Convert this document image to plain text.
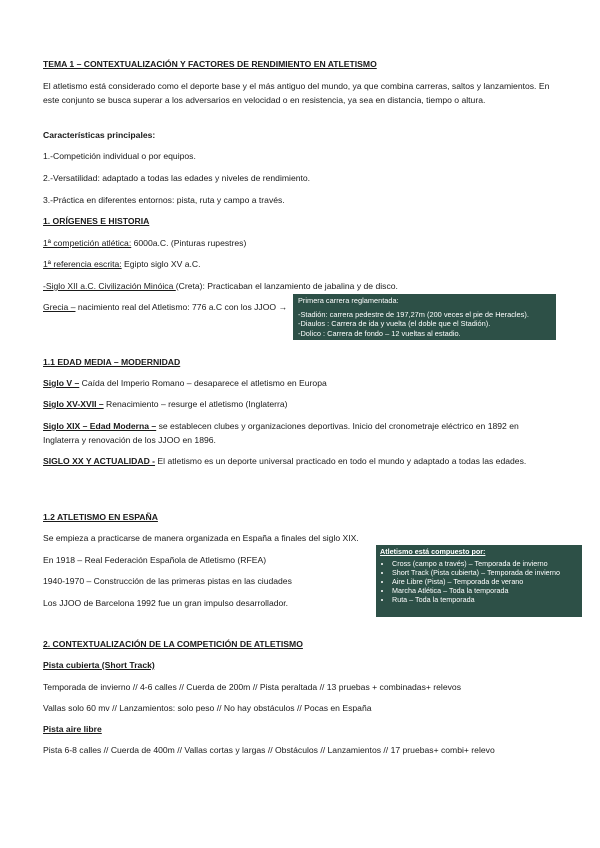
TEMA 1 – CONTEXTUALIZACIÓN Y FACTORES DE RENDIMIENTO EN ATLETISMO

El atletismo está considerado como el deporte base y el más antiguo del mundo, ya que combina carreras, saltos y lanzamientos. En este conjunto se busca superar a los adversarios en velocidad o en resistencia, ya sea en distancia, tiempo o altura.

Características principales:

1.-Competición individual o por equipos.

2.-Versatilidad: adaptado a todas las edades y niveles de rendimiento.

3.-Práctica en diferentes entornos: pista, ruta y campo a través.

1. ORÍGENES E HISTORIA

1ª competición atlética: 6000a.C. (Pinturas rupestres)

1ª referencia escrita: Egipto siglo XV a.C.

-Siglo XII a.C. Civilización Minóica (Creta): Practicaban el lanzamiento de jabalina y de disco.

Grecia – nacimiento real del Atletismo: 776 a.C con los JJOO →

Primera carrera reglamentada:
-Stadión: carrera pedestre de 197,27m (200 veces el pie de Heracles).
-Diaulos : Carrera de ida y vuelta (el doble que el Stadión).
-Dolico : Carrera de fondo – 12 vueltas al estadio.

1.1 EDAD MEDIA – MODERNIDAD

Siglo V – Caída del Imperio Romano – desaparece el atletismo en Europa

Siglo XV-XVII – Renacimiento – resurge el atletismo (Inglaterra)

Siglo XIX – Edad Moderna – se establecen clubes y organizaciones deportivas. Inicio del cronometraje eléctrico en 1892 en Inglaterra y renovación de los JJOO en 1896.

SIGLO XX Y ACTUALIDAD - El atletismo es un deporte universal practicado en todo el mundo y adaptado a todas las edades.

1.2 ATLETISMO EN ESPAÑA

Se empieza a practicarse de manera organizada en España a finales del siglo XIX.

En 1918 – Real Federación Española de Atletismo (RFEA)

1940-1970 – Construcción de las primeras pistas en las ciudades

Los JJOO de Barcelona 1992 fue un gran impulso desarrollador.

Atletismo está compuesto por:
• Cross (campo a través) – Temporada de invierno
• Short Track (Pista cubierta) – Temporada de invierno
• Aire Libre (Pista) – Temporada de verano
• Marcha Atlética – Toda la temporada
• Ruta – Toda la temporada

2. CONTEXTUALIZACIÓN DE LA COMPETICIÓN DE ATLETISMO

Pista cubierta (Short Track)

Temporada de invierno // 4-6 calles // Cuerda de 200m // Pista peraltada // 13 pruebas + combinadas+ relevos

Vallas solo 60 mv // Lanzamientos: solo peso // No hay obstáculos // Pocas en España

Pista aire libre

Pista 6-8 calles // Cuerda de 400m // Vallas cortas y largas // Obstáculos // Lanzamientos // 17 pruebas+ combi+ relevo
